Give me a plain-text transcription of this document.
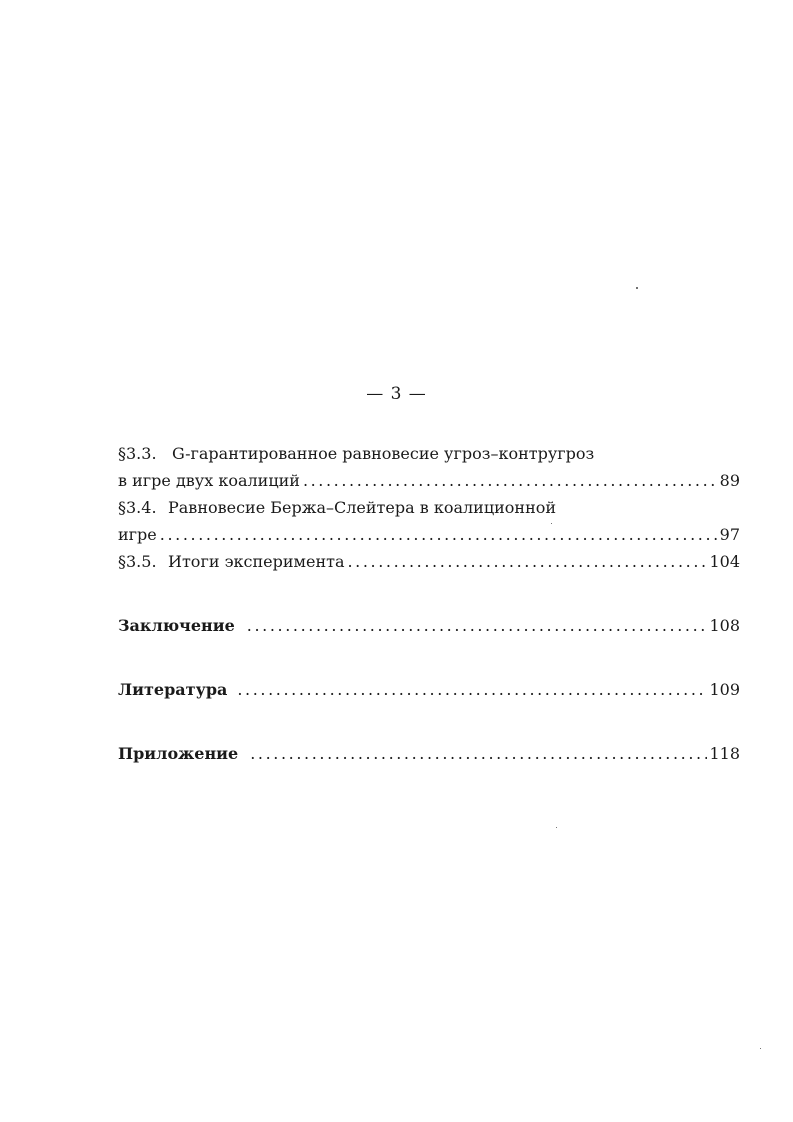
— 3 —
§3.3. G-гарантированное равновесие угроз–контругроз
в игре двух коалиций .....	89
§3.4. Равновесие Бержа–Слейтера в коалиционной
игре .....	97
§3.5. Итоги эксперимента .....	104
Заключение .....	108
Литература .....	109
Приложение .....	118
